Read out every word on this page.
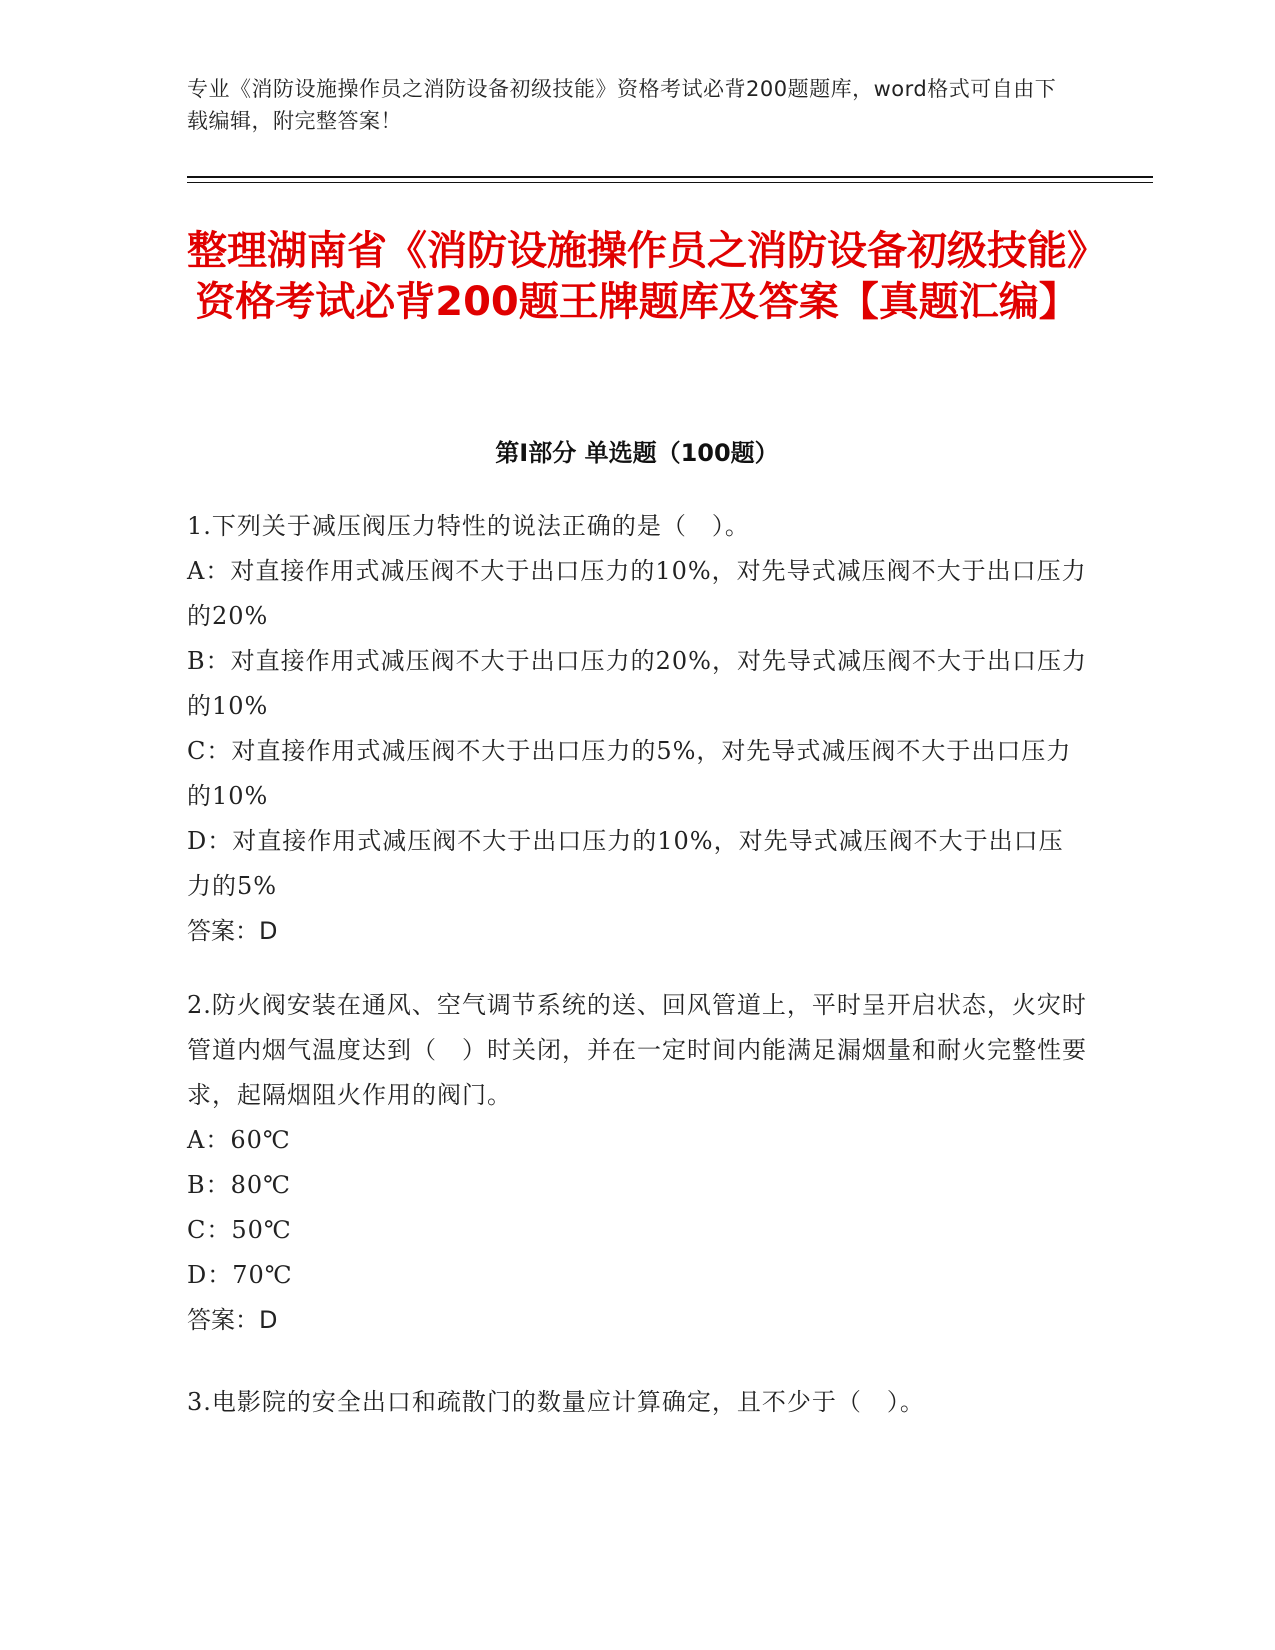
专业《消防设施操作员之消防设备初级技能》资格考试必背200题题库，word格式可自由下载编辑，附完整答案！
整理湖南省《消防设施操作员之消防设备初级技能》资格考试必背200题王牌题库及答案【真题汇编】
第Ⅰ部分 单选题（100题）
1.下列关于减压阀压力特性的说法正确的是（　）。
A：对直接作用式减压阀不大于出口压力的10%，对先导式减压阀不大于出口压力的20%
B：对直接作用式减压阀不大于出口压力的20%，对先导式减压阀不大于出口压力的10%
C：对直接作用式减压阀不大于出口压力的5%，对先导式减压阀不大于出口压力的10%
D：对直接作用式减压阀不大于出口压力的10%，对先导式减压阀不大于出口压力的5%
答案：D
2.防火阀安装在通风、空气调节系统的送、回风管道上，平时呈开启状态，火灾时管道内烟气温度达到（　）时关闭，并在一定时间内能满足漏烟量和耐火完整性要求，起隔烟阻火作用的阀门。
A：60℃
B：80℃
C：50℃
D：70℃
答案：D
3.电影院的安全出口和疏散门的数量应计算确定，且不少于（　）。
